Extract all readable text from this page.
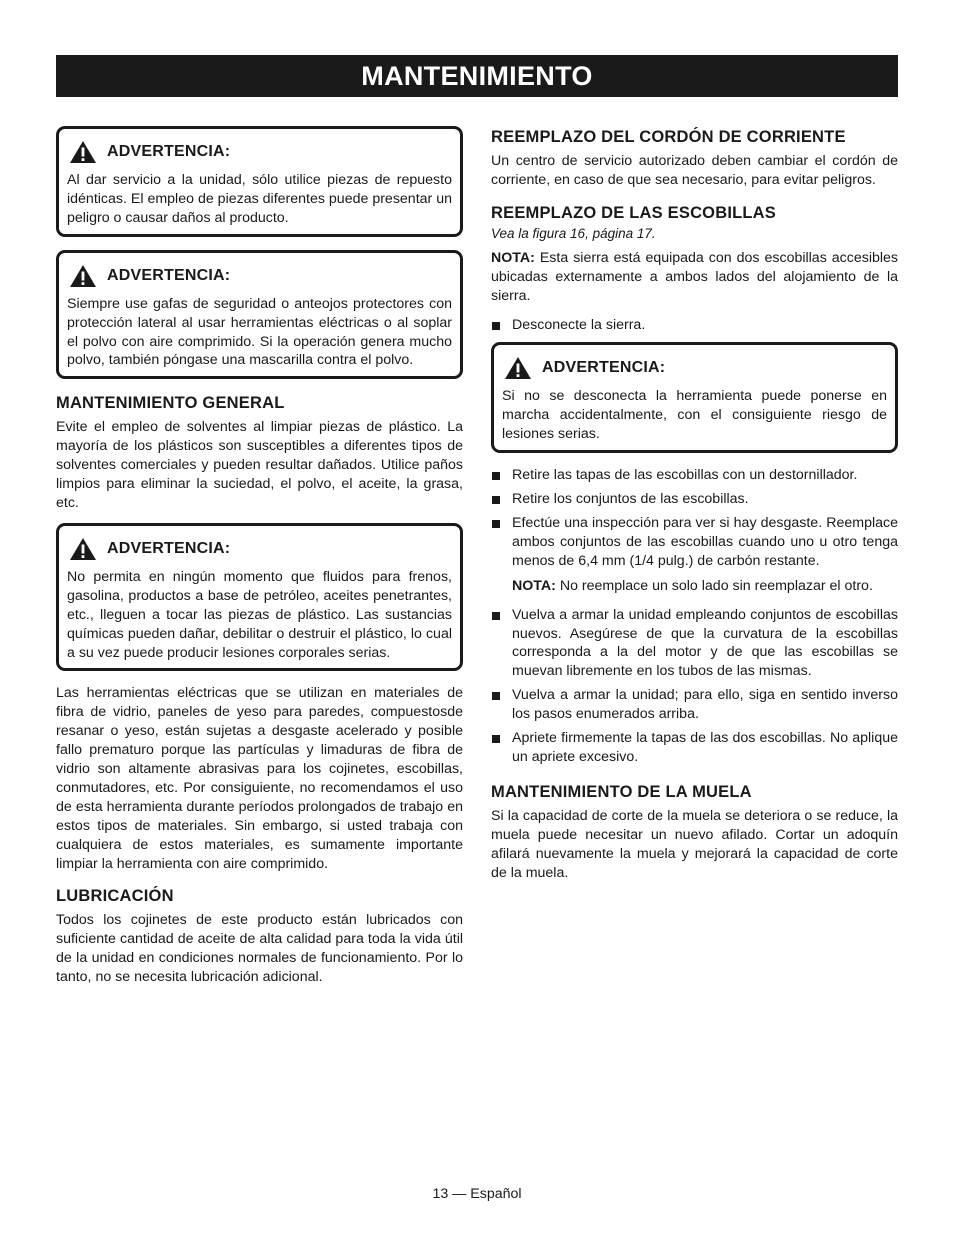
MANTENIMIENTO
ADVERTENCIA:

Al dar servicio a la unidad, sólo utilice piezas de repuesto idénticas. El empleo de piezas diferentes puede presentar un peligro o causar daños al producto.

ADVERTENCIA:

Siempre use gafas de seguridad o anteojos protectores con protección lateral al usar herramientas eléctricas o al soplar el polvo con aire comprimido. Si la operación genera mucho polvo, también póngase una mascarilla contra el polvo.

MANTENIMIENTO GENERAL

Evite el empleo de solventes al limpiar piezas de plástico. La mayoría de los plásticos son susceptibles a diferentes tipos de solventes comerciales y pueden resultar dañados. Utilice paños limpios para eliminar la suciedad, el polvo, el aceite, la grasa, etc.

ADVERTENCIA:

No permita en ningún momento que fluidos para frenos, gasolina, productos a base de petróleo, aceites penetrantes, etc., lleguen a tocar las piezas de plástico. Las sustancias químicas pueden dañar, debilitar o destruir el plástico, lo cual a su vez puede producir lesiones corporales serias.

Las herramientas eléctricas que se utilizan en materiales de fibra de vidrio, paneles de yeso para paredes, compuestosde resanar o yeso, están sujetas a desgaste acelerado y posible fallo prematuro porque las partículas y limaduras de fibra de vidrio son altamente abrasivas para los cojinetes, escobillas, conmutadores, etc. Por consiguiente, no recomendamos el uso de esta herramienta durante períodos prolongados de trabajo en estos tipos de materiales. Sin embargo, si usted trabaja con cualquiera de estos materiales, es sumamente importante limpiar la herramienta con aire comprimido.

LUBRICACIÓN

Todos los cojinetes de este producto están lubricados con suficiente cantidad de aceite de alta calidad para toda la vida útil de la unidad en condiciones normales de funcionamiento. Por lo tanto, no se necesita lubricación adicional.

REEMPLAZO DEL CORDÓN DE CORRIENTE

Un centro de servicio autorizado deben cambiar el cordón de corriente, en caso de que sea necesario, para evitar peligros.

REEMPLAZO DE LAS ESCOBILLAS
Vea la figura 16, página 17.

NOTA: Esta sierra está equipada con dos escobillas accesibles ubicadas externamente a ambos lados del alojamiento de la sierra.

Desconecte la sierra.
ADVERTENCIA:

Si no se desconecta la herramienta puede ponerse en marcha accidentalmente, con el consiguiente riesgo de lesiones serias.

Retire las tapas de las escobillas con un destornillador.
Retire los conjuntos de las escobillas.
Efectúe una inspección para ver si hay desgaste. Reemplace ambos conjuntos de las escobillas cuando uno u otro tenga menos de 6,4 mm (1/4 pulg.) de carbón restante.
NOTA: No reemplace un solo lado sin reemplazar el otro.
Vuelva a armar la unidad empleando conjuntos de escobillas nuevos. Asegúrese de que la curvatura de la escobillas corresponda a la del motor y de que las escobillas se muevan libremente en los tubos de las mismas.
Vuelva a armar la unidad; para ello, siga en sentido inverso los pasos enumerados arriba.
Apriete firmemente la tapas de las dos escobillas. No aplique un apriete excesivo.
MANTENIMIENTO DE LA MUELA

Si la capacidad de corte de la muela se deteriora o se reduce, la muela puede necesitar un nuevo afilado. Cortar un adoquín afilará nuevamente la muela y mejorará la capacidad de corte de la muela.

13 — Español
